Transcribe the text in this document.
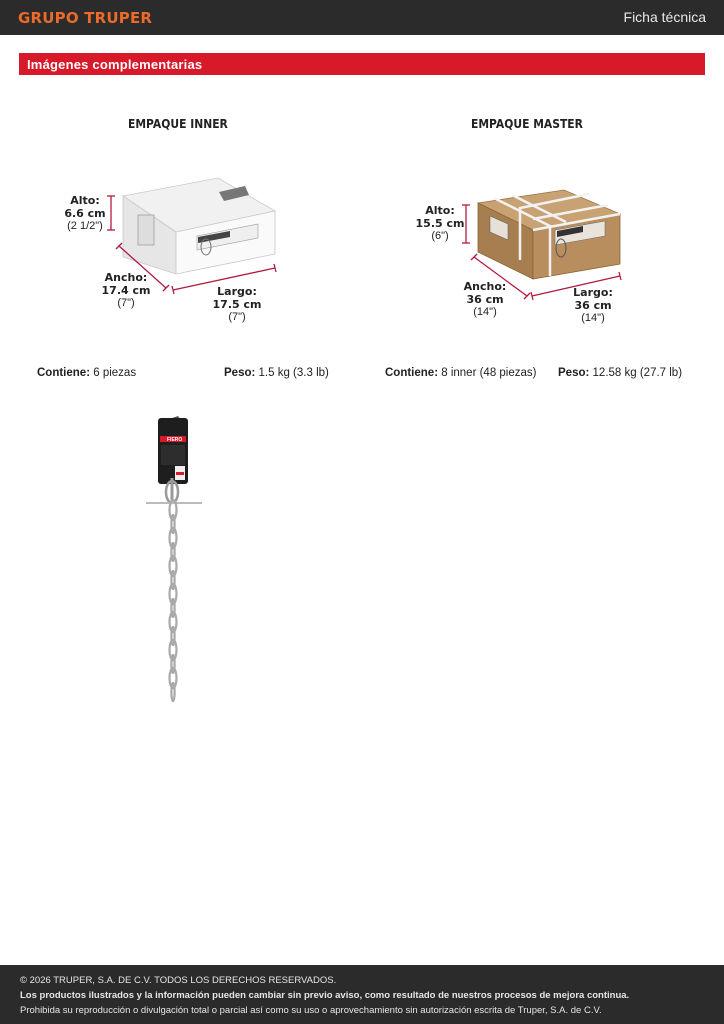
GRUPO TRUPER	Ficha técnica
Imágenes complementarias
EMPAQUE INNER
Alto:
6.6 cm
(2 1/2")
Ancho:
17.4 cm
(7")
Largo:
17.5 cm
(7")
Contiene: 6 piezas	Peso: 1.5 kg (3.3 lb)
EMPAQUE MASTER
Alto:
15.5 cm
(6")
Ancho:
36 cm
(14")
Largo:
36 cm
(14")
Contiene: 8 inner (48 piezas) Peso: 12.58 kg (27.7 lb)
FIERO
© 2026 TRUPER, S.A. DE C.V. TODOS LOS DERECHOS RESERVADOS.
Los productos ilustrados y la información pueden cambiar sin previo aviso, como resultado de nuestros procesos de mejora continua.
Prohibida su reproducción o divulgación total o parcial así como su uso o aprovechamiento sin autorización escrita de Truper, S.A. de C.V.
